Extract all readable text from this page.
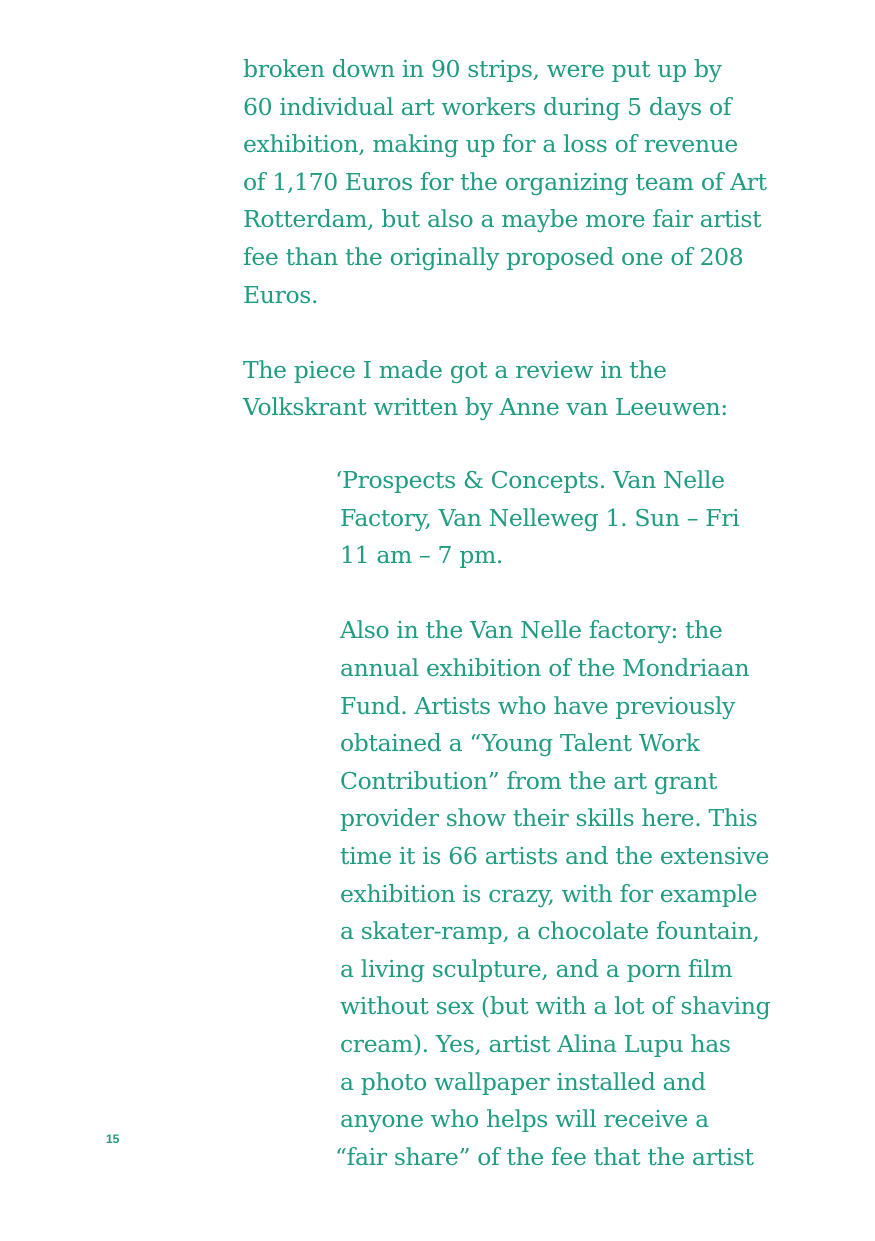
broken down in 90 strips, were put up by
60 individual art workers during 5 days of
exhibition, making up for a loss of revenue
of 1,170 Euros for the organizing team of Art
Rotterdam, but also a maybe more fair artist
fee than the originally proposed one of 208
Euros.
The piece I made got a review in the
Volkskrant written by Anne van Leeuwen:
‘Prospects & Concepts. Van Nelle
Factory, Van Nelleweg 1. Sun – Fri
11 am – 7 pm.
Also in the Van Nelle factory: the
annual exhibition of the Mondriaan
Fund. Artists who have previously
obtained a “Young Talent Work
Contribution” from the art grant
provider show their skills here. This
time it is 66 artists and the extensive
exhibition is crazy, with for example
a skater-ramp, a chocolate fountain,
a living sculpture, and a porn film
without sex (but with a lot of shaving
cream). Yes, artist Alina Lupu has
a photo wallpaper installed and
anyone who helps will receive a
“fair share” of the fee that the artist
15
